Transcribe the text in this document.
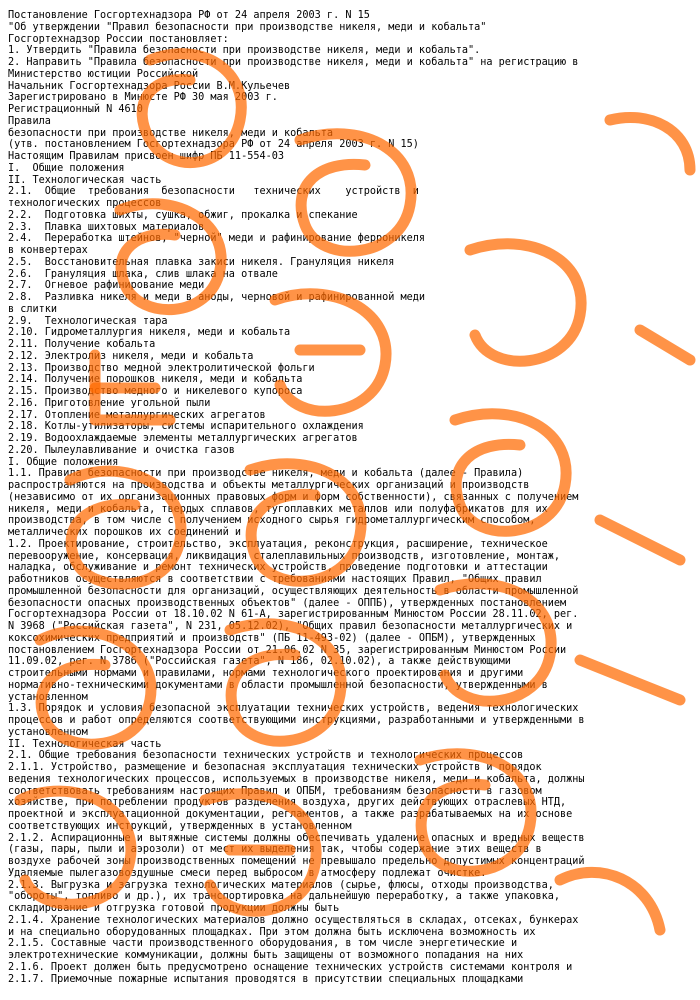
Постановление Госгортехнадзора РФ от 24 апреля 2003 г. N 15
"Об утверждении "Правил безопасности при производстве никеля, меди и кобальта"
Госгортехнадзор России постановляет:
1. Утвердить "Правила безопасности при производстве никеля, меди и кобальта".
2. Направить "Правила безопасности при производстве никеля, меди и кобальта" на регистрацию в
Министерство юстиции Российской
Начальник Госгортехнадзора России В.М.Кульечев
Зарегистрировано в Минюсте РФ 30 мая 2003 г.
Регистрационный N 4610
Правила
безопасности при производстве никеля, меди и кобальта
(утв. постановлением Госгортехнадзора РФ от 24 апреля 2003 г. N 15)
Настоящим Правилам присвоен шифр ПБ 11-554-03
I.  Общие положения
II. Технологическая часть
2.1.  Общие  требования  безопасности   технических    устройств  и
технологических процессов
2.2.  Подготовка шихты, сушка, обжиг, прокалка и спекание
2.3.  Плавка шихтовых материалов
2.4.  Переработка штейнов, "черной" меди и рафинирование ферроникеля
в конвертерах
2.5.  Восстановительная плавка закиси никеля. Грануляция никеля
2.6.  Грануляция шлака, слив шлака на отвале
2.7.  Огневое рафинирование меди
2.8.  Разливка никеля и меди в аноды, черновой и рафинированной меди
в слитки
2.9.  Технологическая тара
2.10. Гидрометаллургия никеля, меди и кобальта
2.11. Получение кобальта
2.12. Электролиз никеля, меди и кобальта
2.13. Производство медной электролитической фольги
2.14. Получение порошков никеля, меди и кобальта
2.15. Производство медного и никелевого купороса
2.16. Приготовление угольной пыли
2.17. Отопление металлургических агрегатов
2.18. Котлы-утилизаторы, системы испарительного охлаждения
2.19. Водоохлаждаемые элементы металлургических агрегатов
2.20. Пылеулавливание и очистка газов
I. Общие положения
1.1. Правила безопасности при производстве никеля, меди и кобальта (далее - Правила)
распространяются на производства и объекты металлургических организаций и производств
(независимо от их организационных правовых форм и форм собственности), связанных с получением
никеля, меди и кобальта, твердых сплавов, тугоплавких металлов или полуфабрикатов для их
производства, в том числе с получением исходного сырья гидрометаллургическим способом,
металлических порошков их соединений и
1.2. Проектирование, строительство, эксплуатация, реконструкция, расширение, техническое
перевооружение, консервация, ликвидация сталеплавильных производств, изготовление, монтаж,
наладка, обслуживание и ремонт технических устройств, проведение подготовки и аттестации
работников осуществляются в соответствии с требованиями настоящих Правил, "Общих правил
промышленной безопасности для организаций, осуществляющих деятельность в области промышленной
безопасности опасных производственных объектов" (далее - ОППБ), утвержденных постановлением
Госгортехнадзора России от 18.10.02 N 61-А, зарегистрированным Минюстом России 28.11.02, рег.
N 3968 ("Российская газета", N 231, 05.12.02), "Общих правил безопасности металлургических и
коксохимических предприятий и производств" (ПБ 11-493-02) (далее - ОПБМ), утвержденных
постановлением Госгортехнадзора России от 21.06.02 N 35, зарегистрированным Минюстом России
11.09.02, рег. N 3786 ("Российская газета", N 186, 02.10.02), а также действующими
строительными нормами и правилами, нормами технологического проектирования и другими
нормативно-техническими документами в области промышленной безопасности, утвержденными в
установленном
1.3. Порядок и условия безопасной эксплуатации технических устройств, ведения технологических
процессов и работ определяются соответствующими инструкциями, разработанными и утвержденными в
установленном
II. Технологическая часть
2.1. Общие требования безопасности технических устройств и технологических процессов
2.1.1. Устройство, размещение и безопасная эксплуатация технических устройств и порядок
ведения технологических процессов, используемых в производстве никеля, меди и кобальта, должны
соответствовать требованиям настоящих Правил и ОПБМ, требованиям безопасности в газовом
хозяйстве, при потреблении продуктов разделения воздуха, других действующих отраслевых НТД,
проектной и эксплуатационной документации, регламентов, а также разрабатываемых на их основе
соответствующих инструкций, утвержденных в установленном
2.1.2. Аспирационные и вытяжные системы должны обеспечивать удаление опасных и вредных веществ
(газы, пары, пыли и аэрозоли) от мест их выделения так, чтобы содержание этих веществ в
воздухе рабочей зоны производственных помещений не превышало предельно допустимых концентраций
Удаляемые пылегазовоздушные смеси перед выбросом в атмосферу подлежат очистке.
2.1.3. Выгрузка и загрузка технологических материалов (сырье, флюсы, отходы производства,
"обороты", топливо и др.), их транспортировка на дальнейшую переработку, а также упаковка,
складирование и отгрузка готовой продукции должны быть
2.1.4. Хранение технологических материалов должно осуществляться в складах, отсеках, бункерах
и на специально оборудованных площадках. При этом должна быть исключена возможность их
2.1.5. Составные части производственного оборудования, в том числе энергетические и
электротехнические коммуникации, должны быть защищены от возможного попадания на них
2.1.6. Проект должен быть предусмотрено оснащение технических устройств системами контроля и
2.1.7. Приемочные пожарные испытания проводятся в присутствии специальных площадками
